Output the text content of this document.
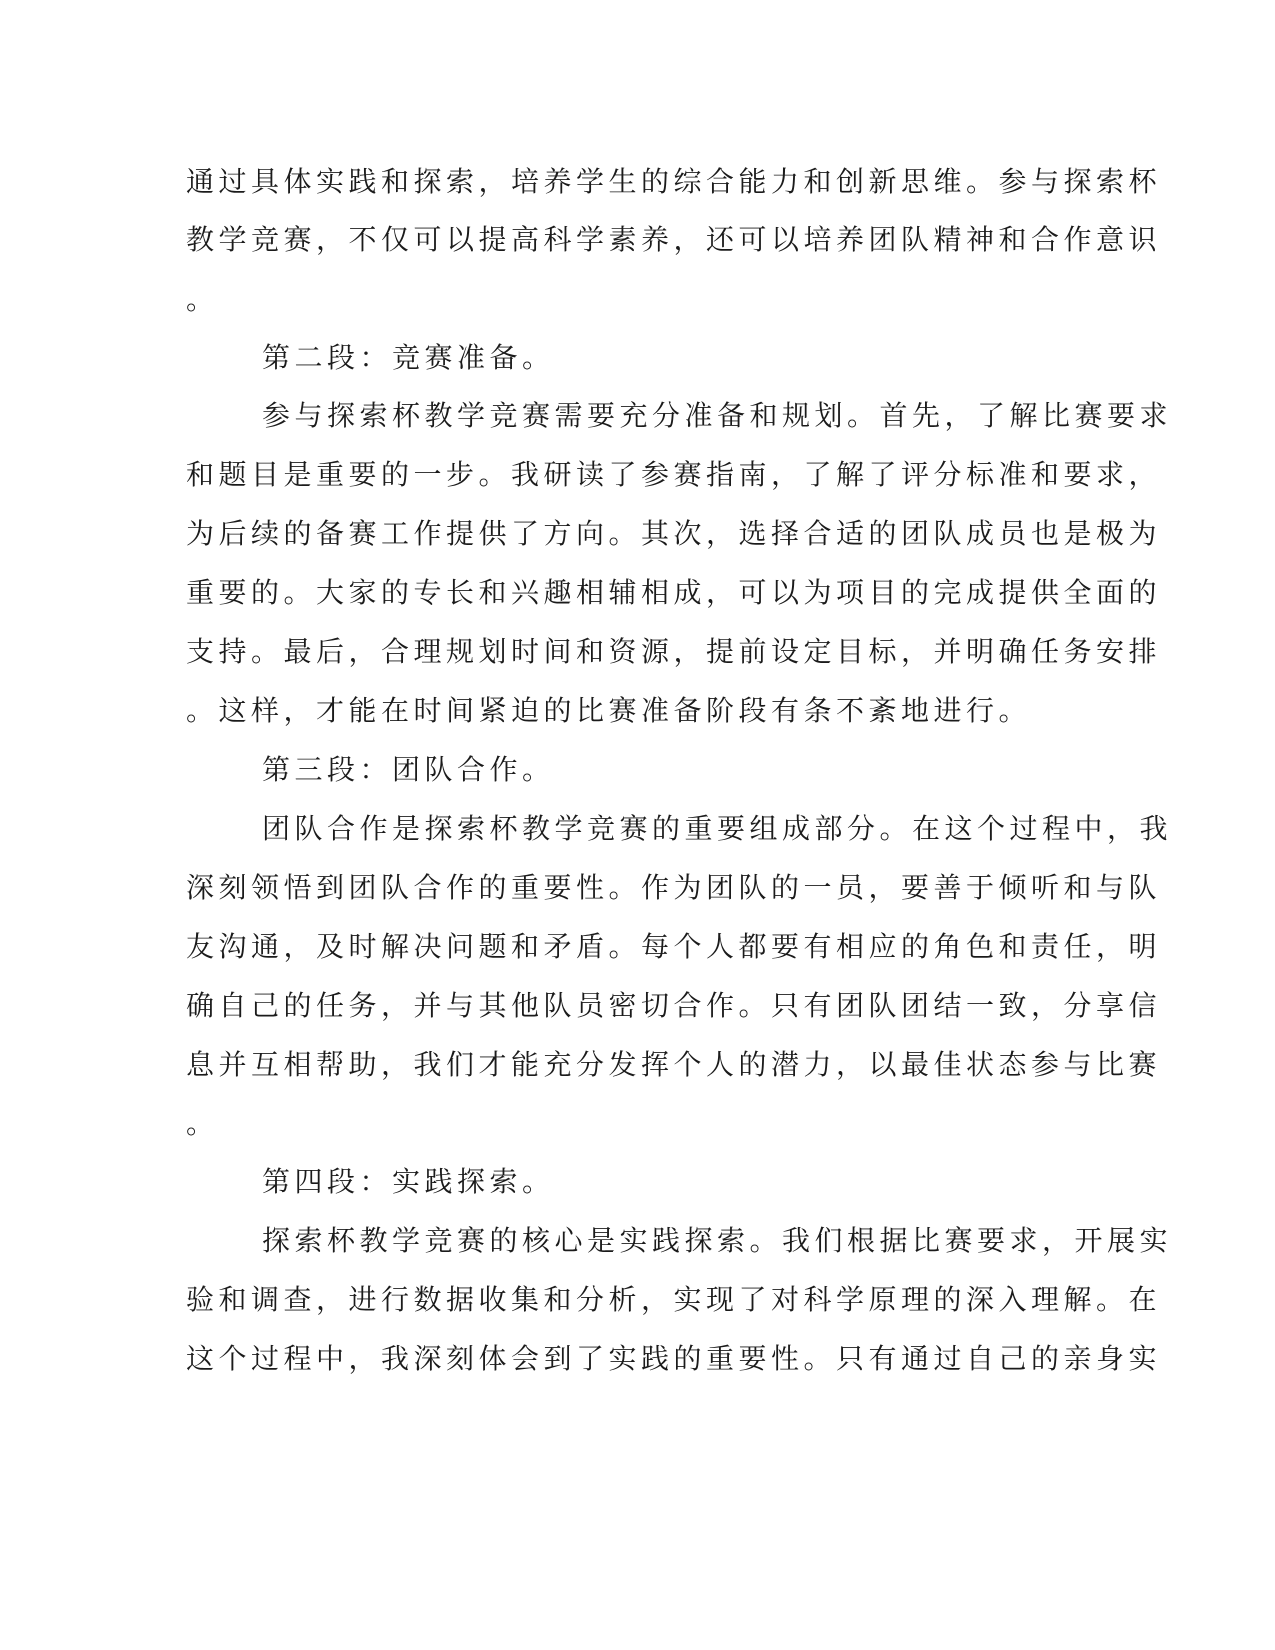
通过具体实践和探索，培养学生的综合能力和创新思维。参与探索杯
教学竞赛，不仅可以提高科学素养，还可以培养团队精神和合作意识
。
第二段：竞赛准备。
参与探索杯教学竞赛需要充分准备和规划。首先，了解比赛要求
和题目是重要的一步。我研读了参赛指南，了解了评分标准和要求，
为后续的备赛工作提供了方向。其次，选择合适的团队成员也是极为
重要的。大家的专长和兴趣相辅相成，可以为项目的完成提供全面的
支持。最后，合理规划时间和资源，提前设定目标，并明确任务安排
。这样，才能在时间紧迫的比赛准备阶段有条不紊地进行。
第三段：团队合作。
团队合作是探索杯教学竞赛的重要组成部分。在这个过程中，我
深刻领悟到团队合作的重要性。作为团队的一员，要善于倾听和与队
友沟通，及时解决问题和矛盾。每个人都要有相应的角色和责任，明
确自己的任务，并与其他队员密切合作。只有团队团结一致，分享信
息并互相帮助，我们才能充分发挥个人的潜力，以最佳状态参与比赛
。
第四段：实践探索。
探索杯教学竞赛的核心是实践探索。我们根据比赛要求，开展实
验和调查，进行数据收集和分析，实现了对科学原理的深入理解。在
这个过程中，我深刻体会到了实践的重要性。只有通过自己的亲身实
